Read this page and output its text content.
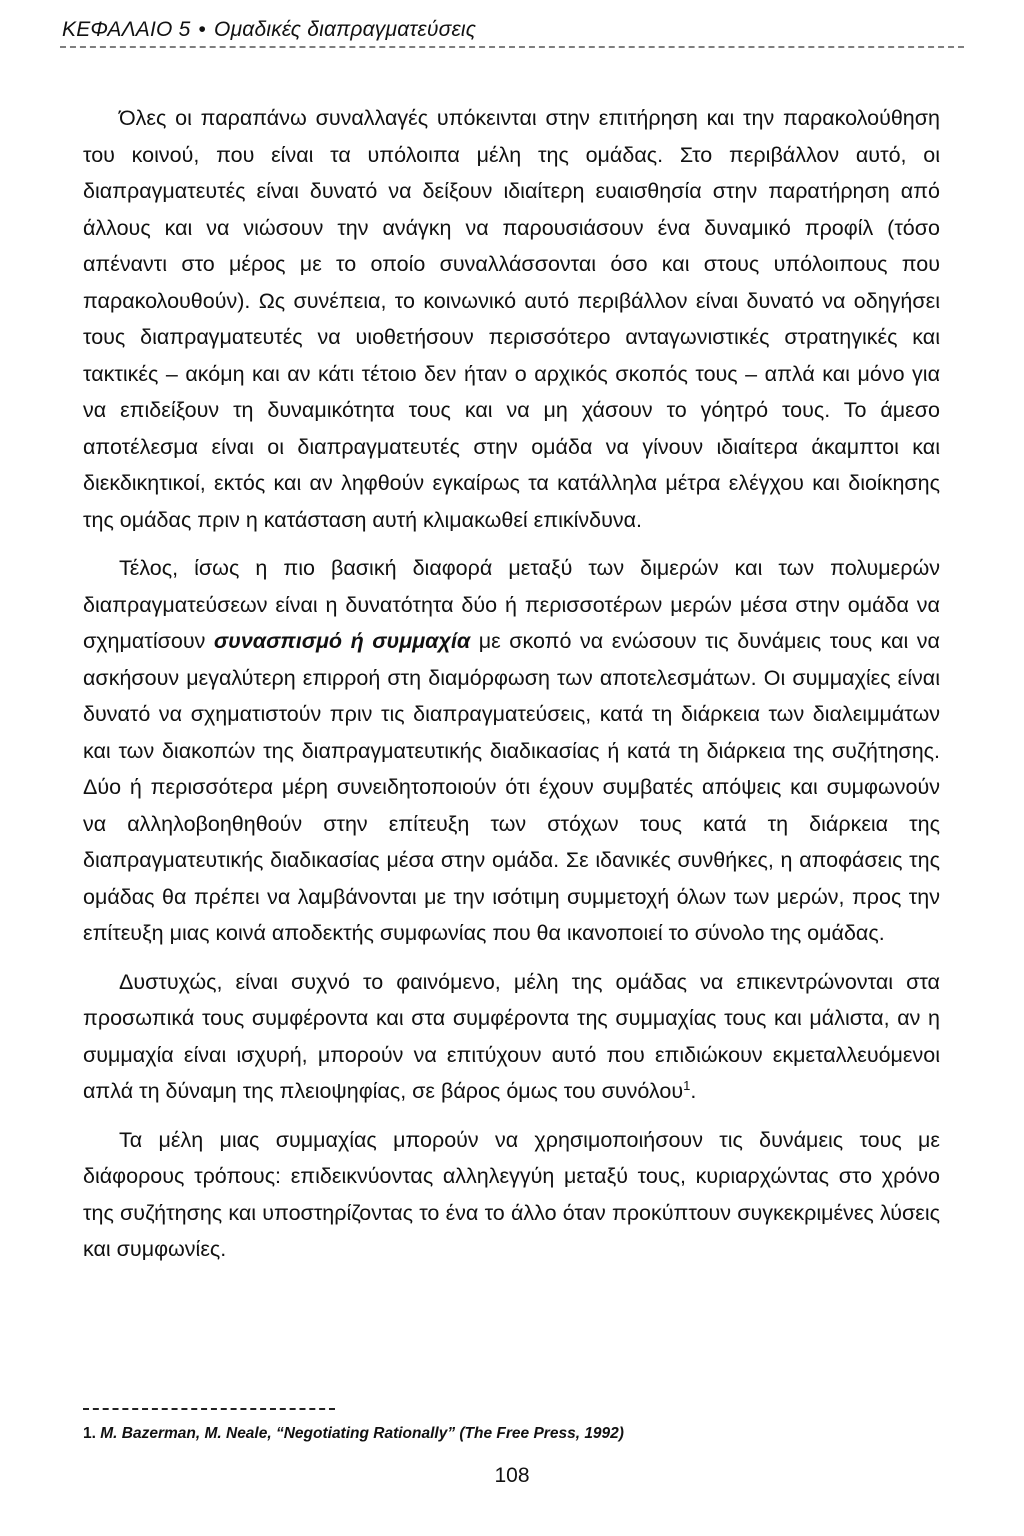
ΚΕΦΑΛΑΙΟ 5 • Ομαδικές διαπραγματεύσεις

Όλες οι παραπάνω συναλλαγές υπόκεινται στην επιτήρηση και την παρακολούθηση του κοινού, που είναι τα υπόλοιπα μέλη της ομάδας. Στο περιβάλλον αυτό, οι διαπραγματευτές είναι δυνατό να δείξουν ιδιαίτερη ευαισθησία στην παρατήρηση από άλλους και να νιώσουν την ανάγκη να παρουσιάσουν ένα δυναμικό προφίλ (τόσο απέναντι στο μέρος με το οποίο συναλλάσσονται όσο και στους υπόλοιπους που παρακολουθούν). Ως συνέπεια, το κοινωνικό αυτό περιβάλλον είναι δυνατό να οδηγήσει τους διαπραγματευτές να υιοθετήσουν περισσότερο ανταγωνιστικές στρατηγικές και τακτικές – ακόμη και αν κάτι τέτοιο δεν ήταν ο αρχικός σκοπός τους – απλά και μόνο για να επιδείξουν τη δυναμικότητα τους και να μη χάσουν το γόητρό τους. Το άμεσο αποτέλεσμα είναι οι διαπραγματευτές στην ομάδα να γίνουν ιδιαίτερα άκαμπτοι και διεκδικητικοί, εκτός και αν ληφθούν εγκαίρως τα κατάλληλα μέτρα ελέγχου και διοίκησης της ομάδας πριν η κατάσταση αυτή κλιμακωθεί επικίνδυνα.

Τέλος, ίσως η πιο βασική διαφορά μεταξύ των διμερών και των πολυμερών διαπραγματεύσεων είναι η δυνατότητα δύο ή περισσοτέρων μερών μέσα στην ομάδα να σχηματίσουν συνασπισμό ή συμμαχία με σκοπό να ενώσουν τις δυνάμεις τους και να ασκήσουν μεγαλύτερη επιρροή στη διαμόρφωση των αποτελεσμάτων. Οι συμμαχίες είναι δυνατό να σχηματιστούν πριν τις διαπραγματεύσεις, κατά τη διάρκεια των διαλειμμάτων και των διακοπών της διαπραγματευτικής διαδικασίας ή κατά τη διάρκεια της συζήτησης. Δύο ή περισσότερα μέρη συνειδητοποιούν ότι έχουν συμβατές απόψεις και συμφωνούν να αλληλοβοηθηθούν στην επίτευξη των στόχων τους κατά τη διάρκεια της διαπραγματευτικής διαδικασίας μέσα στην ομάδα. Σε ιδανικές συνθήκες, η αποφάσεις της ομάδας θα πρέπει να λαμβάνονται με την ισότιμη συμμετοχή όλων των μερών, προς την επίτευξη μιας κοινά αποδεκτής συμφωνίας που θα ικανοποιεί το σύνολο της ομάδας.

Δυστυχώς, είναι συχνό το φαινόμενο, μέλη της ομάδας να επικεντρώνονται στα προσωπικά τους συμφέροντα και στα συμφέροντα της συμμαχίας τους και μάλιστα, αν η συμμαχία είναι ισχυρή, μπορούν να επιτύχουν αυτό που επιδιώκουν εκμεταλλευόμενοι απλά τη δύναμη της πλειοψηφίας, σε βάρος όμως του συνόλου$^1$.

Τα μέλη μιας συμμαχίας μπορούν να χρησιμοποιήσουν τις δυνάμεις τους με διάφορους τρόπους: επιδεικνύοντας αλληλεγγύη μεταξύ τους, κυριαρχώντας στο χρόνο της συζήτησης και υποστηρίζοντας το ένα το άλλο όταν προκύπτουν συγκεκριμένες λύσεις και συμφωνίες.

1. M. Bazerman, M. Neale, “Negotiating Rationally” (The Free Press, 1992)
108
